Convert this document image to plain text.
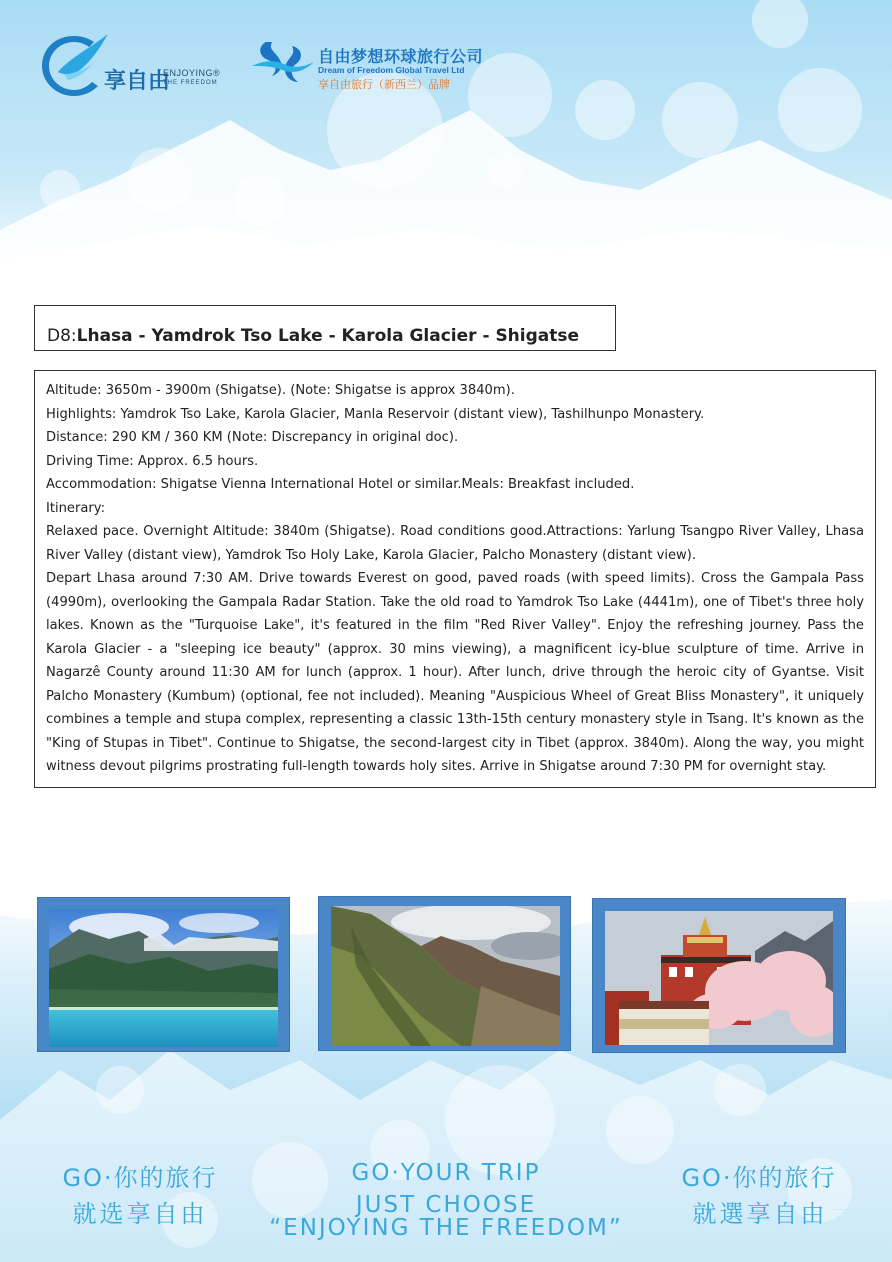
享自由
ENJOYING®
THE FREEDOM
自由梦想环球旅行公司
Dream of Freedom Global Travel Ltd
享自由旅行（新西兰）品牌
D8:Lhasa - Yamdrok Tso Lake - Karola Glacier - Shigatse

Altitude: 3650m - 3900m (Shigatse). (Note: Shigatse is approx 3840m).

Highlights: Yamdrok Tso Lake, Karola Glacier, Manla Reservoir (distant view), Tashilhunpo Monastery.

Distance: 290 KM / 360 KM (Note: Discrepancy in original doc).

Driving Time: Approx. 6.5 hours.

Accommodation: Shigatse Vienna International Hotel or similar.Meals: Breakfast included.

Itinerary:

Relaxed pace. Overnight Altitude: 3840m (Shigatse). Road conditions good.Attractions: Yarlung Tsangpo River Valley, Lhasa River Valley (distant view), Yamdrok Tso Holy Lake, Karola Glacier, Palcho Monastery (distant view).

Depart Lhasa around 7:30 AM. Drive towards Everest on good, paved roads (with speed limits). Cross the Gampala Pass (4990m), overlooking the Gampala Radar Station. Take the old road to Yamdrok Tso Lake (4441m), one of Tibet's three holy lakes. Known as the "Turquoise Lake", it's featured in the film "Red River Valley". Enjoy the refreshing journey. Pass the Karola Glacier - a "sleeping ice beauty" (approx. 30 mins viewing), a magnificent icy-blue sculpture of time. Arrive in Nagarzê County around 11:30 AM for lunch (approx. 1 hour). After lunch, drive through the heroic city of Gyantse. Visit Palcho Monastery (Kumbum) (optional, fee not included). Meaning "Auspicious Wheel of Great Bliss Monastery", it uniquely combines a temple and stupa complex, representing a classic 13th-15th century monastery style in Tsang. It's known as the "King of Stupas in Tibet". Continue to Shigatse, the second-largest city in Tibet (approx. 3840m). Along the way, you might witness devout pilgrims prostrating full-length towards holy sites. Arrive in Shigatse around 7:30 PM for overnight stay.

GO·你的旅行
就选享自由
GO·YOUR TRIP
JUST CHOOSE
“ENJOYING THE FREEDOM”
GO·你的旅行
就選享自由
